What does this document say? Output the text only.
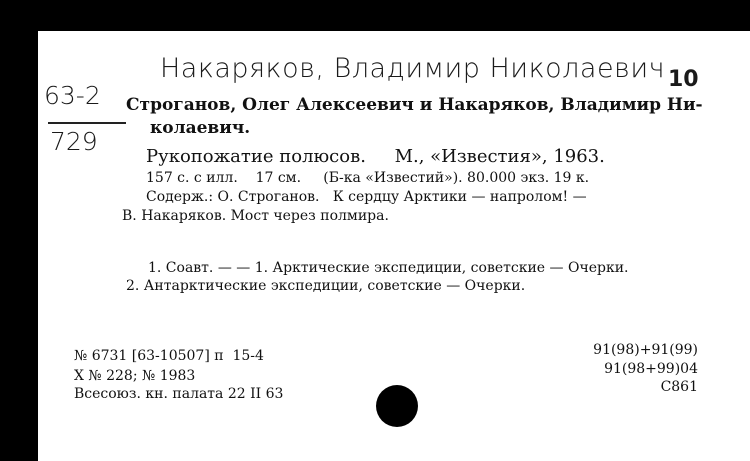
Накаряков, Владимир Николаевич 10
63-2
729
Строганов, Олег Алексеевич и Накаряков, Владимир Ни-
колаевич.
Рукопожатие полюсов.     М., «Известия», 1963.
157 с. с илл.    17 см.     (Б-ка «Известий»). 80.000 экз. 19 к.
Содерж.: О. Строганов.   К сердцу Арктики — напролом! —
В. Накаряков. Мост через полмира.
1. Соавт. — — 1. Арктические экспедиции, советские — Очерки.
2. Антарктические экспедиции, советские — Очерки.
№ 6731 [63-10507] п  15-4
Х № 228; № 1983
Всесоюз. кн. палата 22 II 63
91(98)+91(99)
91(98+99)04
С861
